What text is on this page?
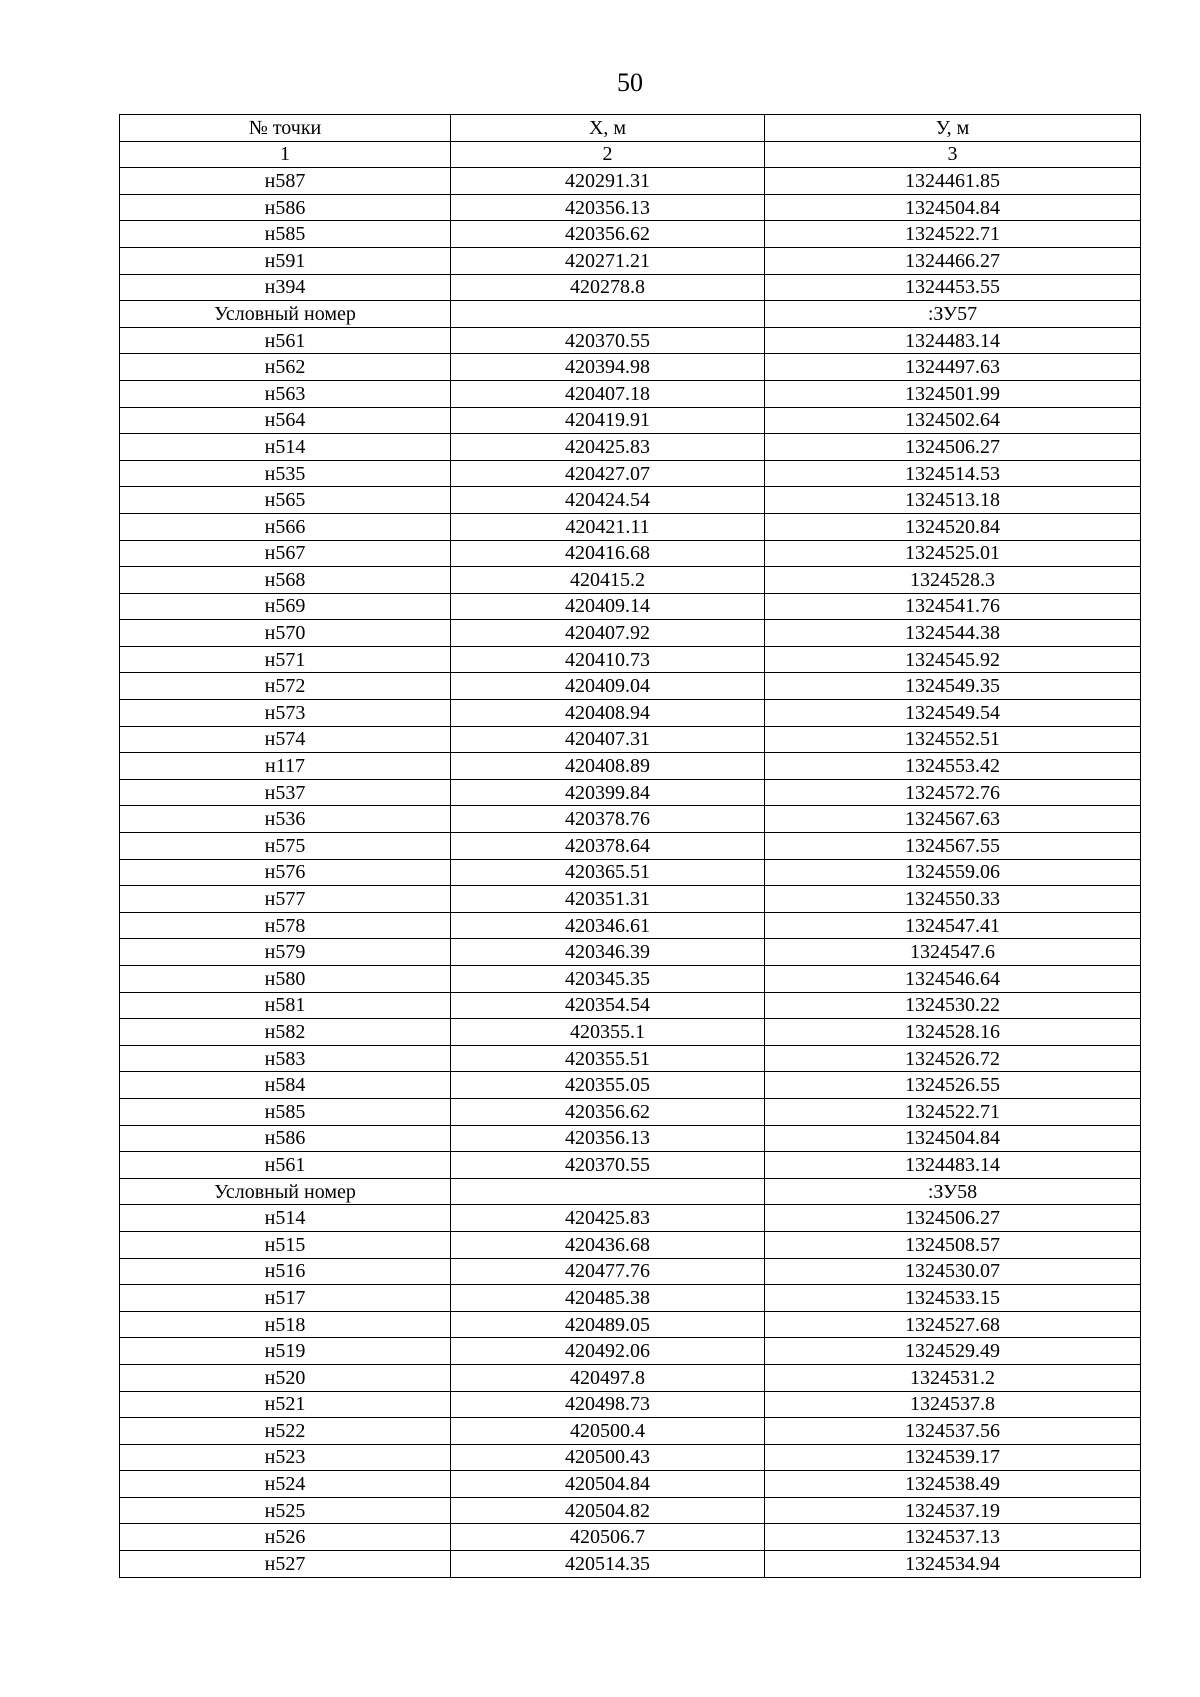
50
№ точки	Х, м	У, м
1	2	3
н587	420291.31	1324461.85
н586	420356.13	1324504.84
н585	420356.62	1324522.71
н591	420271.21	1324466.27
н394	420278.8	1324453.55
Условный номер		:ЗУ57
н561	420370.55	1324483.14
н562	420394.98	1324497.63
н563	420407.18	1324501.99
н564	420419.91	1324502.64
н514	420425.83	1324506.27
н535	420427.07	1324514.53
н565	420424.54	1324513.18
н566	420421.11	1324520.84
н567	420416.68	1324525.01
н568	420415.2	1324528.3
н569	420409.14	1324541.76
н570	420407.92	1324544.38
н571	420410.73	1324545.92
н572	420409.04	1324549.35
н573	420408.94	1324549.54
н574	420407.31	1324552.51
н117	420408.89	1324553.42
н537	420399.84	1324572.76
н536	420378.76	1324567.63
н575	420378.64	1324567.55
н576	420365.51	1324559.06
н577	420351.31	1324550.33
н578	420346.61	1324547.41
н579	420346.39	1324547.6
н580	420345.35	1324546.64
н581	420354.54	1324530.22
н582	420355.1	1324528.16
н583	420355.51	1324526.72
н584	420355.05	1324526.55
н585	420356.62	1324522.71
н586	420356.13	1324504.84
н561	420370.55	1324483.14
Условный номер		:ЗУ58
н514	420425.83	1324506.27
н515	420436.68	1324508.57
н516	420477.76	1324530.07
н517	420485.38	1324533.15
н518	420489.05	1324527.68
н519	420492.06	1324529.49
н520	420497.8	1324531.2
н521	420498.73	1324537.8
н522	420500.4	1324537.56
н523	420500.43	1324539.17
н524	420504.84	1324538.49
н525	420504.82	1324537.19
н526	420506.7	1324537.13
н527	420514.35	1324534.94
